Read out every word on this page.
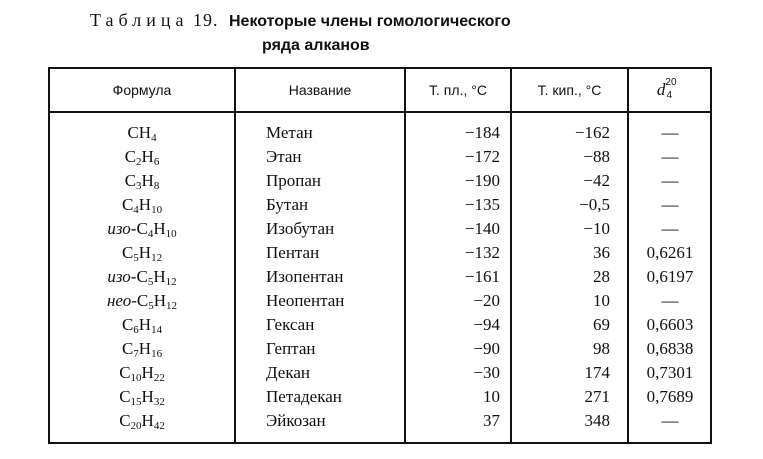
Таблица 19. Некоторые члены гомологического
ряда алканов
Формула	Название	Т. пл., °С	Т. кип., °С	d 20
4
$CH_4$	Метан	−184	−162	—
$C_2H_6$	Этан	−172	−88	—
$C_3H_8$	Пропан	−190	−42	—
$C_4H_{10}$	Бутан	−135	−0,5	—
изо-$C_4H_{10}$	Изобутан	−140	−10	—
$C_5H_{12}$	Пентан	−132	36	0,6261
изо-$C_5H_{12}$	Изопентан	−161	28	0,6197
нео-$C_5H_{12}$	Неопентан	−20	10	—
$C_6H_{14}$	Гексан	−94	69	0,6603
$C_7H_{16}$	Гептан	−90	98	0,6838
$C_{10}H_{22}$	Декан	−30	174	0,7301
$C_{15}H_{32}$	Петадекан	10	271	0,7689
$C_{20}H_{42}$	Эйкозан	37	348	—
